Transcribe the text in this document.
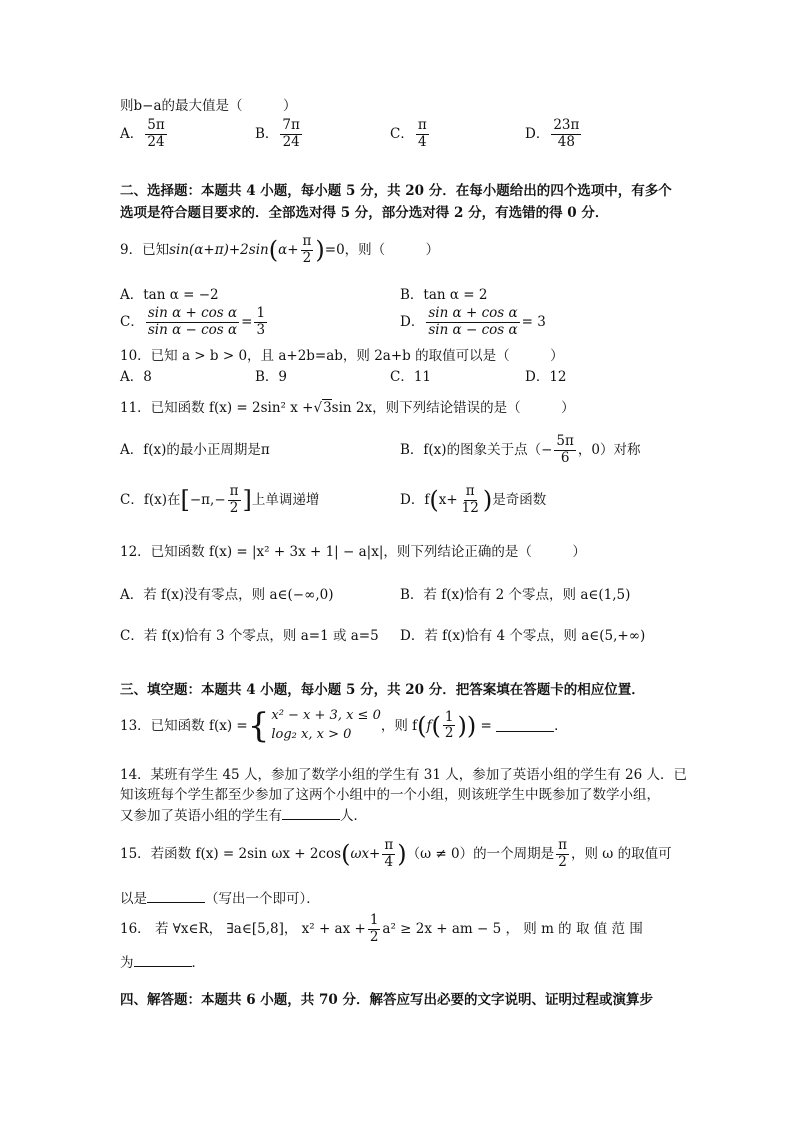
则b−a的最大值是（　　　）
A． $\frac{5\pi}{24}$	B． $\frac{7\pi}{24}$	C． $\frac{\pi}{4}$	D． $\frac{23\pi}{48}$
二、选择题：本题共 4 小题，每小题 5 分，共 20 分．在每小题给出的四个选项中，有多个
选项是符合题目要求的．全部选对得 5 分，部分选对得 2 分，有选错的得 0 分．
9．已知 sin(α+π)+2sin ( $\alpha+ \frac{\pi}{2}$ ) =0，则（　　　）
A．tan α = −2	B．tan α = 2
C． $\frac{\text{sin α + cos α}}{\text{sin α − cos α}} = \frac{1}{3}$	D． $\frac{\text{sin α + cos α}}{\text{sin α − cos α}} = 3$
10．已知 a > b > 0，且 a+2b=ab，则 2a+b 的取值可以是（　　　）
A．8	B．9	C．11	D．12
11．已知函数 f(x) = 2sin² x + √ 3 sin 2x，则下列结论错误的是（　　　）
A．f(x)的最小正周期是π	B．f(x)的图象关于点（− $\frac{5\pi}{6}$ ，0）对称
C．f(x)在 [ $-\pi,- \frac{\pi}{2}$ ] 上单调递增	D．f ( $x+ \frac{\pi}{12}$ ) 是奇函数
12．已知函数 f(x) = |x² + 3x + 1| − a|x|，则下列结论正确的是（　　　）
A．若 f(x)没有零点，则 a∈(−∞,0)	B．若 f(x)恰有 2 个零点，则 a∈(1,5)
C．若 f(x)恰有 3 个零点，则 a=1 或 a=5	D．若 f(x)恰有 4 个零点，则 a∈(5,+∞)
三、填空题：本题共 4 小题，每小题 5 分，共 20 分．把答案填在答题卡的相应位置．
13．已知函数 f(x) = { x² − x + 3, x ≤ 0
log₂ x, x > 0
，则 f ( f ( $\frac{1}{2}$ )) =	．
14．某班有学生 45 人，参加了数学小组的学生有 31 人，参加了英语小组的学生有 26 人．已
知该班每个学生都至少参加了这两个小组中的一个小组，则该班学生中既参加了数学小组，
又参加了英语小组的学生有	人．
15．若函数 f(x) = 2sin ωx + 2cos ( $\omega x+ \frac{\pi}{4}$ ) （ω ≠ 0）的一个周期是 $\frac{\pi}{2}$ ，则 ω 的取值可
以是	（写出一个即可）．
16． 若 ∀x∈R， ∃a∈[5,8]， x² + ax + $\frac{1}{2} a^2 \ge 2x$ + am − 5 ， 则 m 的 取 值 范 围
为	．
四、解答题：本题共 6 小题，共 70 分．解答应写出必要的文字说明、证明过程或演算步
